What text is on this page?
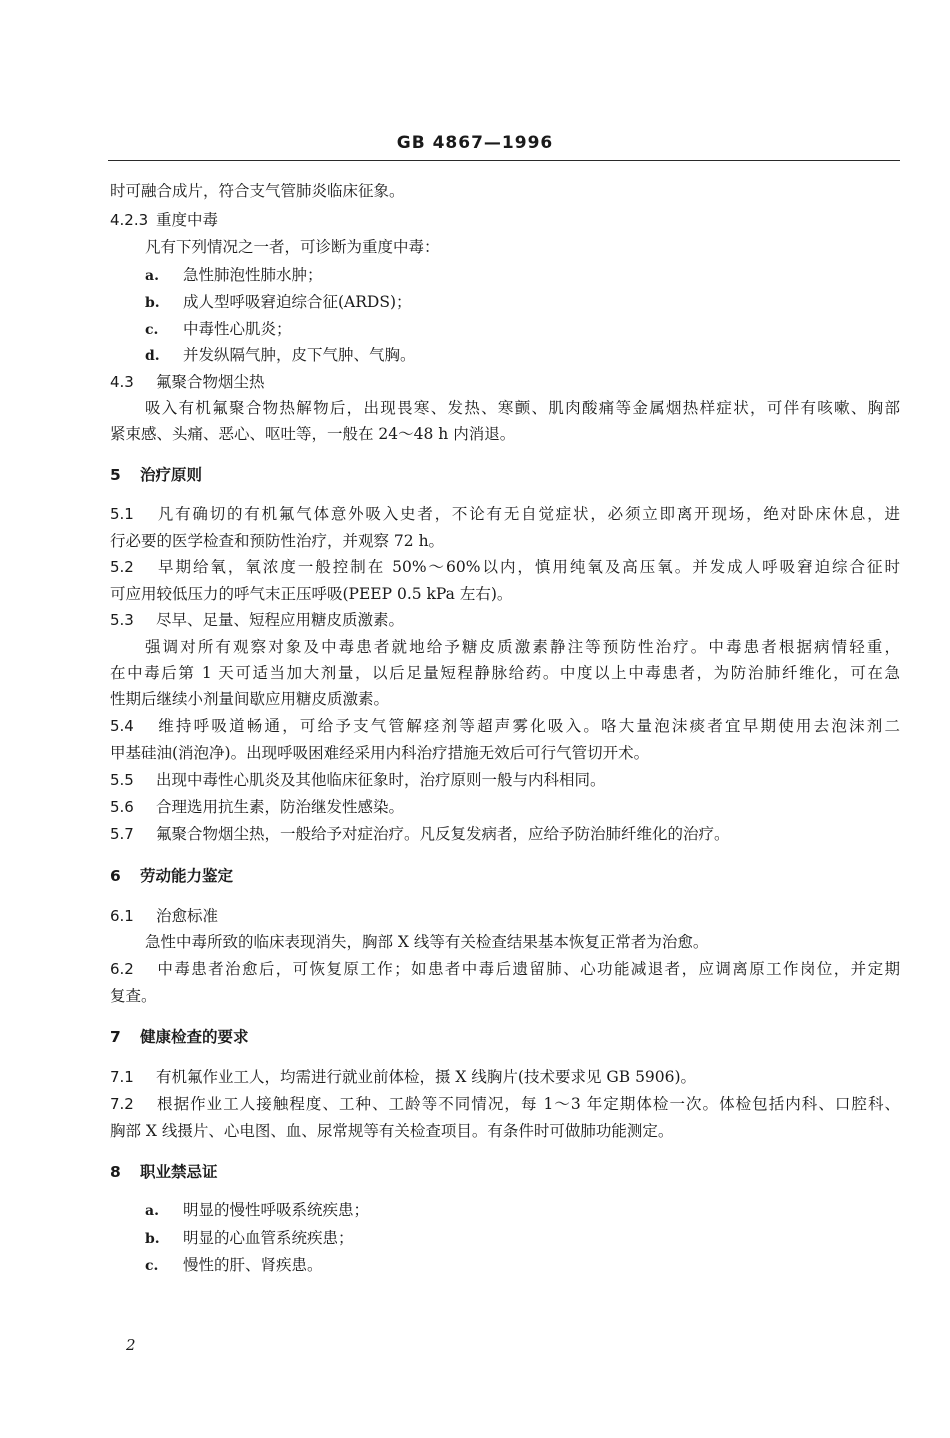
GB 4867—1996
时可融合成片，符合支气管肺炎临床征象。
4.2.3 重度中毒
凡有下列情况之一者，可诊断为重度中毒：
a. 急性肺泡性肺水肿；
b. 成人型呼吸窘迫综合征(ARDS)；
c. 中毒性心肌炎；
d. 并发纵隔气肿，皮下气肿、气胸。
4.3 氟聚合物烟尘热
吸入有机氟聚合物热解物后，出现畏寒、发热、寒颤、肌肉酸痛等金属烟热样症状，可伴有咳嗽、胸部
紧束感、头痛、恶心、呕吐等，一般在 24～48 h 内消退。
5 治疗原则
5.1 凡有确切的有机氟气体意外吸入史者，不论有无自觉症状，必须立即离开现场，绝对卧床休息，进
行必要的医学检查和预防性治疗，并观察 72 h。
5.2 早期给氧，氧浓度一般控制在 50%～60%以内，慎用纯氧及高压氧。并发成人呼吸窘迫综合征时
可应用较低压力的呼气末正压呼吸(PEEP 0.5 kPa 左右)。
5.3 尽早、足量、短程应用糖皮质激素。
强调对所有观察对象及中毒患者就地给予糖皮质激素静注等预防性治疗。中毒患者根据病情轻重，
在中毒后第 1 天可适当加大剂量，以后足量短程静脉给药。中度以上中毒患者，为防治肺纤维化，可在急
性期后继续小剂量间歇应用糖皮质激素。
5.4 维持呼吸道畅通，可给予支气管解痉剂等超声雾化吸入。咯大量泡沫痰者宜早期使用去泡沫剂二
甲基硅油(消泡净)。出现呼吸困难经采用内科治疗措施无效后可行气管切开术。
5.5 出现中毒性心肌炎及其他临床征象时，治疗原则一般与内科相同。
5.6 合理选用抗生素，防治继发性感染。
5.7 氟聚合物烟尘热，一般给予对症治疗。凡反复发病者，应给予防治肺纤维化的治疗。
6 劳动能力鉴定
6.1 治愈标准
急性中毒所致的临床表现消失，胸部 X 线等有关检查结果基本恢复正常者为治愈。
6.2 中毒患者治愈后，可恢复原工作；如患者中毒后遗留肺、心功能减退者，应调离原工作岗位，并定期
复查。
7 健康检查的要求
7.1 有机氟作业工人，均需进行就业前体检，摄 X 线胸片(技术要求见 GB 5906)。
7.2 根据作业工人接触程度、工种、工龄等不同情况，每 1～3 年定期体检一次。体检包括内科、口腔科、
胸部 X 线摄片、心电图、血、尿常规等有关检查项目。有条件时可做肺功能测定。
8 职业禁忌证
a. 明显的慢性呼吸系统疾患；
b. 明显的心血管系统疾患；
c. 慢性的肝、肾疾患。
2
